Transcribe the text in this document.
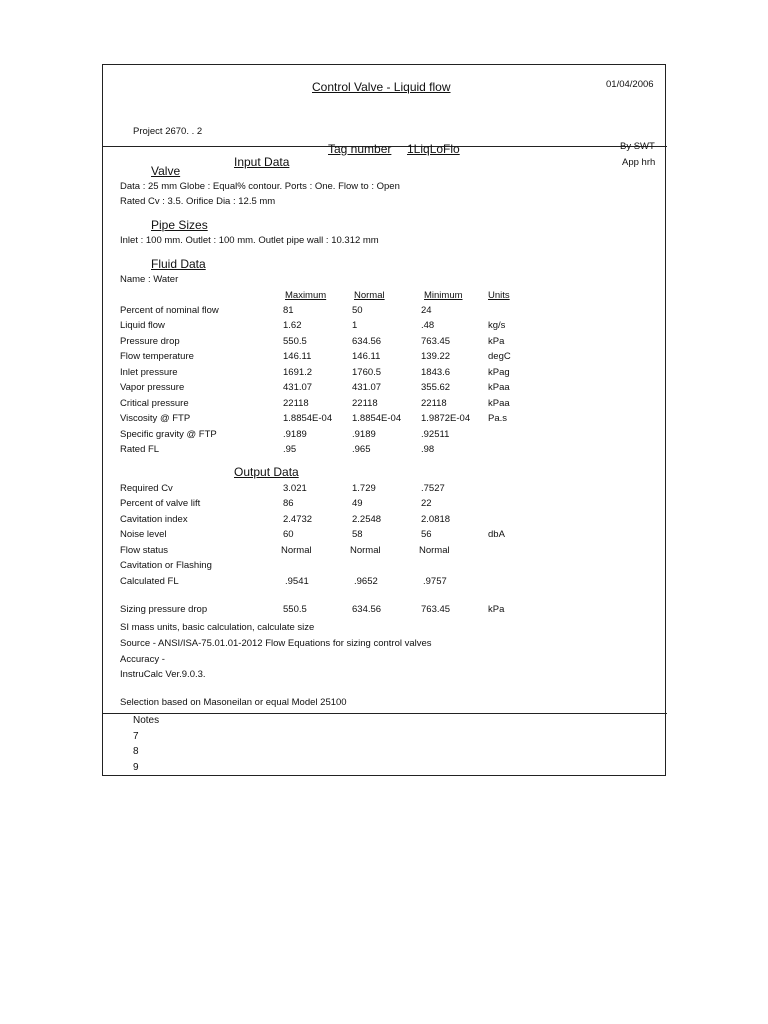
Control Valve - Liquid flow	01/04/2006
Project 2670. . 2
Tag number 1LiqLoFlo	By SWT
App hrh
Input Data
Valve
Data : 25 mm Globe : Equal% contour. Ports : One. Flow to : Open
Rated Cv : 3.5. Orifice Dia : 12.5 mm
Pipe Sizes
Inlet : 100 mm. Outlet : 100 mm. Outlet pipe wall : 10.312 mm
Fluid Data
Name : Water
Maximum	Normal	Minimum	Units
Percent of nominal flow	81	50	24
Liquid flow	1.62	1	.48	kg/s
Pressure drop	550.5	634.56	763.45	kPa
Flow temperature	146.11	146.11	139.22	degC
Inlet pressure	1691.2	1760.5	1843.6	kPag
Vapor pressure	431.07	431.07	355.62	kPaa
Critical pressure	22118	22118	22118	kPaa
Viscosity @ FTP	1.8854E-04 1.8854E-04 1.9872E-04 Pa.s
Specific gravity @ FTP	.9189	.9189	.92511
Rated FL	.95	.965	.98
Output Data
Required Cv	3.021	1.729	.7527
Percent of valve lift	86	49	22
Cavitation index	2.4732	2.2548	2.0818
Noise level	60	58	56	dbA
Flow status	Normal	Normal	Normal
Cavitation or Flashing
Calculated FL	.9541	.9652	.9757
Sizing pressure drop	550.5	634.56	763.45	kPa
SI mass units, basic calculation, calculate size
Source - ANSI/ISA-75.01.01-2012 Flow Equations for sizing control valves
Accuracy -
InstruCalc Ver.9.0.3.
Selection based on Masoneilan or equal Model 25100
Notes
7
8
9
